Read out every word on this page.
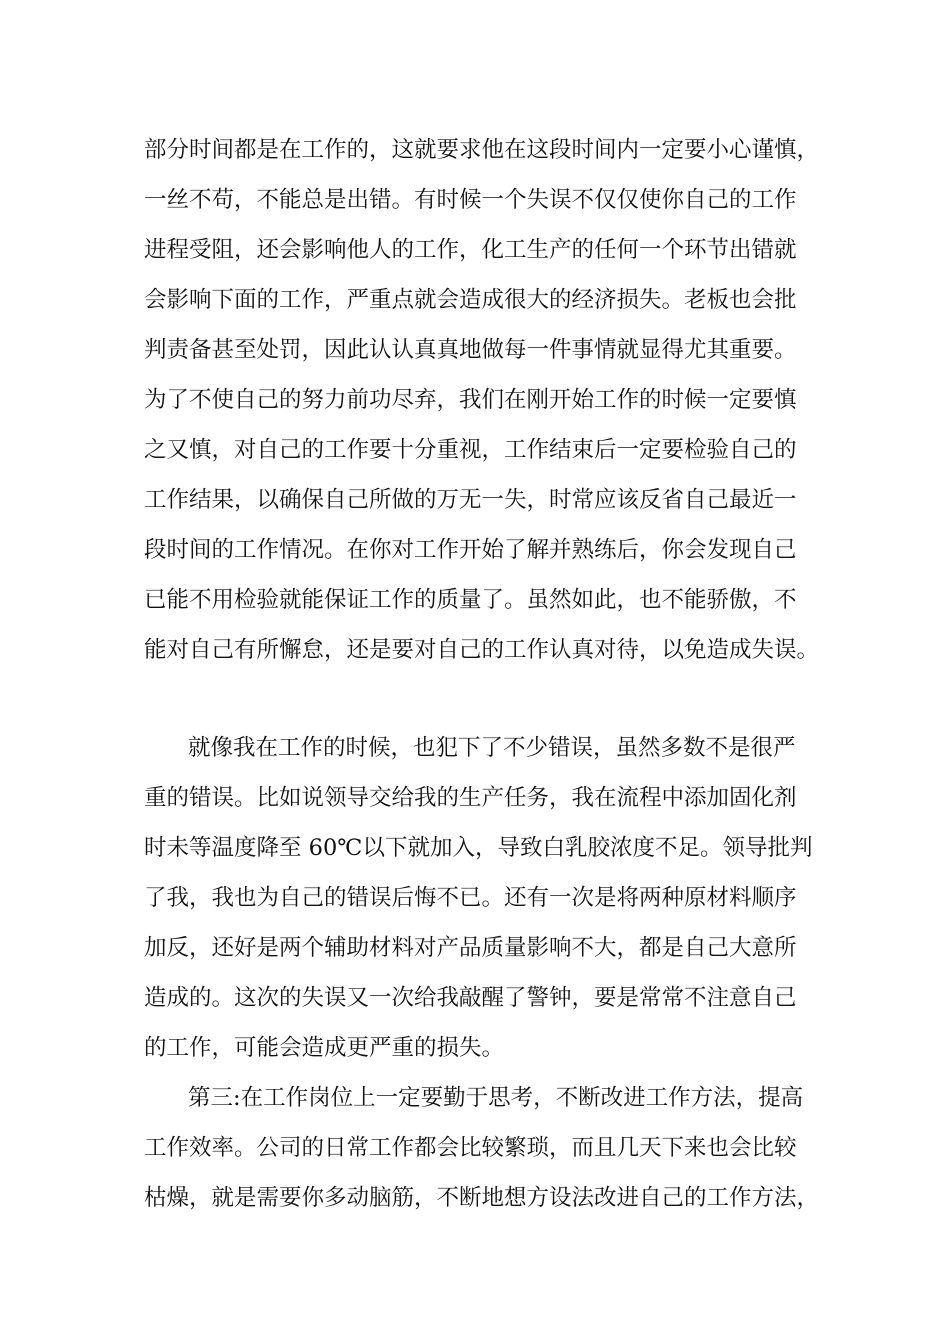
部分时间都是在工作的，这就要求他在这段时间内一定要小心谨慎，
一丝不苟，不能总是出错。有时候一个失误不仅仅使你自己的工作
进程受阻，还会影响他人的工作，化工生产的任何一个环节出错就
会影响下面的工作，严重点就会造成很大的经济损失。老板也会批
判责备甚至处罚，因此认认真真地做每一件事情就显得尤其重要。
为了不使自己的努力前功尽弃，我们在刚开始工作的时候一定要慎
之又慎，对自己的工作要十分重视，工作结束后一定要检验自己的
工作结果，以确保自己所做的万无一失，时常应该反省自己最近一
段时间的工作情况。在你对工作开始了解并熟练后，你会发现自己
已能不用检验就能保证工作的质量了。虽然如此，也不能骄傲，不
能对自己有所懈怠，还是要对自己的工作认真对待，以免造成失误。
就像我在工作的时候，也犯下了不少错误，虽然多数不是很严
重的错误。比如说领导交给我的生产任务，我在流程中添加固化剂
时未等温度降至 60℃以下就加入，导致白乳胶浓度不足。领导批判
了我，我也为自己的错误后悔不已。还有一次是将两种原材料顺序
加反，还好是两个辅助材料对产品质量影响不大，都是自己大意所
造成的。这次的失误又一次给我敲醒了警钟，要是常常不注意自己
的工作，可能会造成更严重的损失。
第三:在工作岗位上一定要勤于思考，不断改进工作方法，提高
工作效率。公司的日常工作都会比较繁琐，而且几天下来也会比较
枯燥，就是需要你多动脑筋，不断地想方设法改进自己的工作方法，
